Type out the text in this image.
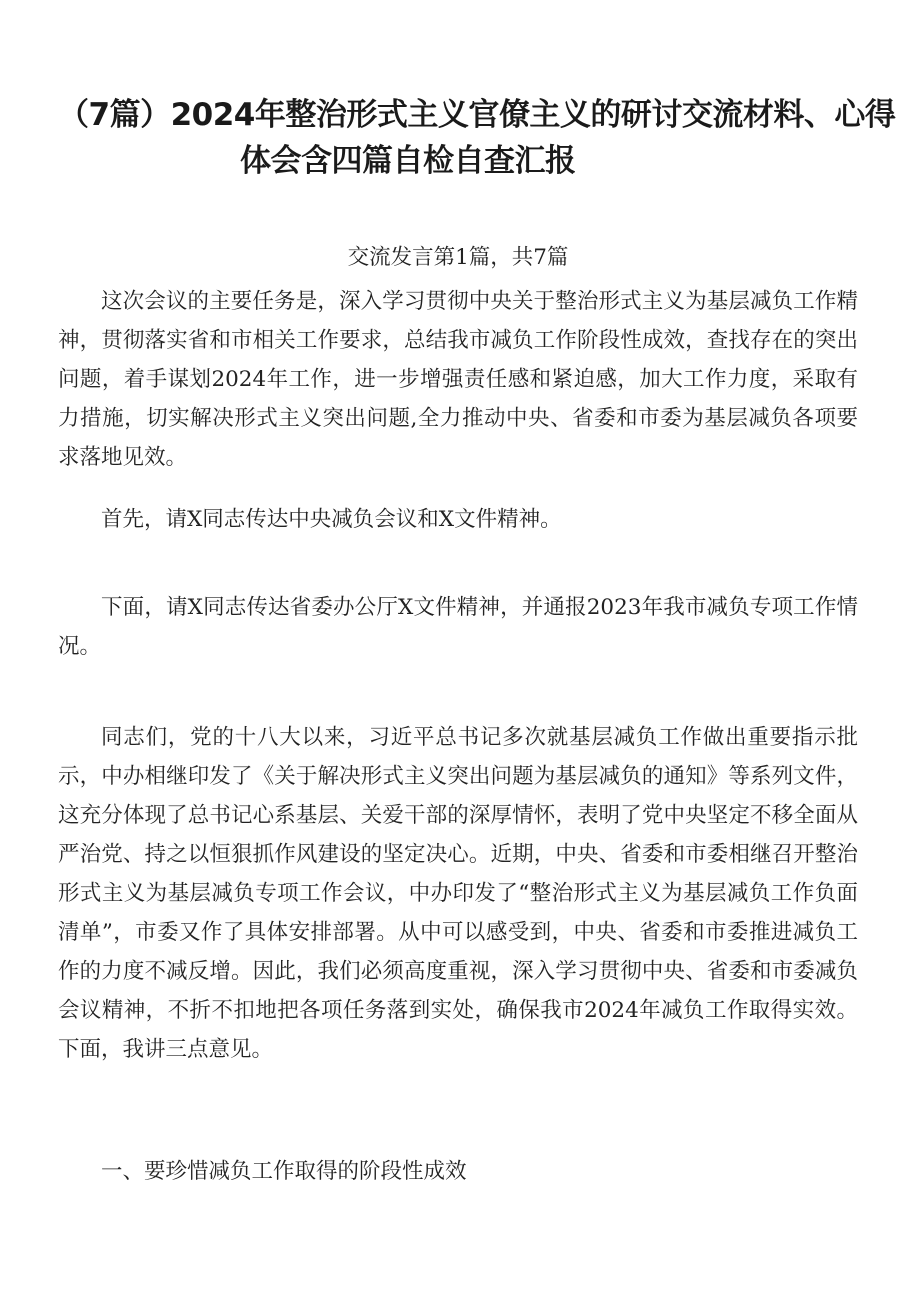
（7篇）2024年整治形式主义官僚主义的研讨交流材料、心得
体会含四篇自检自查汇报

交流发言第1篇，共7篇

这次会议的主要任务是，深入学习贯彻中央关于整治形式主义为基层减负工作精神，贯彻落实省和市相关工作要求，总结我市减负工作阶段性成效，查找存在的突出问题，着手谋划2024年工作，进一步增强责任感和紧迫感，加大工作力度，采取有力措施，切实解决形式主义突出问题,全力推动中央、省委和市委为基层减负各项要求落地见效。

首先，请X同志传达中央减负会议和X文件精神。

下面，请X同志传达省委办公厅X文件精神，并通报2023年我市减负专项工作情况。

同志们，党的十八大以来，习近平总书记多次就基层减负工作做出重要指示批示，中办相继印发了《关于解决形式主义突出问题为基层减负的通知》等系列文件，这充分体现了总书记心系基层、关爱干部的深厚情怀，表明了党中央坚定不移全面从严治党、持之以恒狠抓作风建设的坚定决心。近期，中央、省委和市委相继召开整治形式主义为基层减负专项工作会议，中办印发了“整治形式主义为基层减负工作负面清单”，市委又作了具体安排部署。从中可以感受到，中央、省委和市委推进减负工作的力度不减反增。因此，我们必须高度重视，深入学习贯彻中央、省委和市委减负会议精神，不折不扣地把各项任务落到实处，确保我市2024年减负工作取得实效。下面，我讲三点意见。

一、要珍惜减负工作取得的阶段性成效
